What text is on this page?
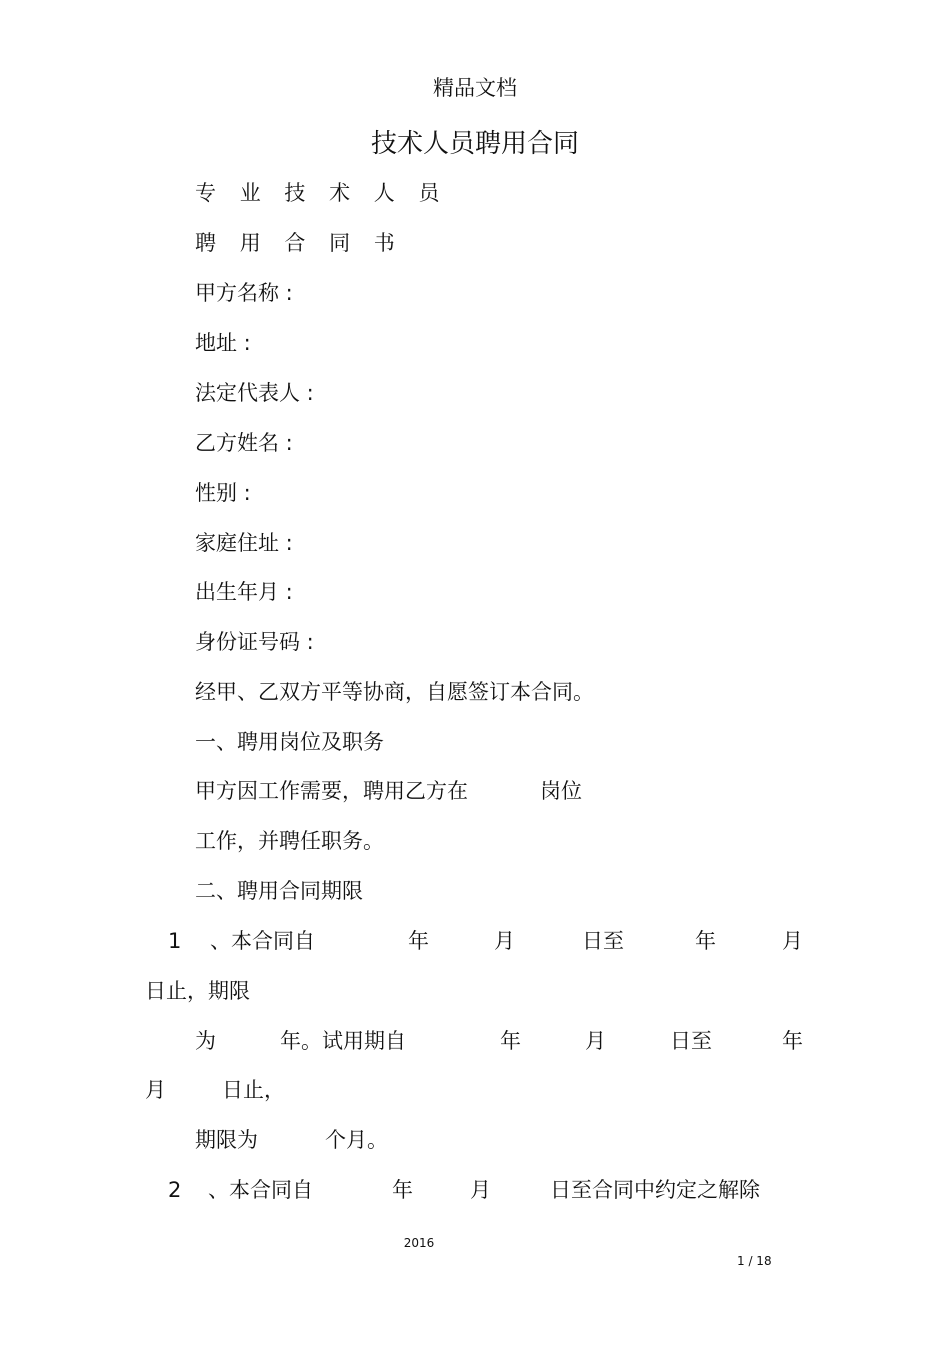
精品文档
技术人员聘用合同
专 业 技 术 人 员
聘 用 合 同 书
甲方名称 :
地址 :
法定代表人 :
乙方姓名 :
性别 :
家庭住址 :
出生年月 :
身份证号码 :
经甲、乙双方平等协商，自愿签订本合同。
一、聘用岗位及职务
甲方因工作需要，聘用乙方在	岗位
工作，并聘任职务。
二、聘用合同期限
1 、本合同自	年	月	日至	年	月
日止，期限
为	年。试用期自	年	月	日至	年
月	日止，
期限为	个月。
2 、本合同自	年	月	日至合同中约定之解除
2016
1 / 18
